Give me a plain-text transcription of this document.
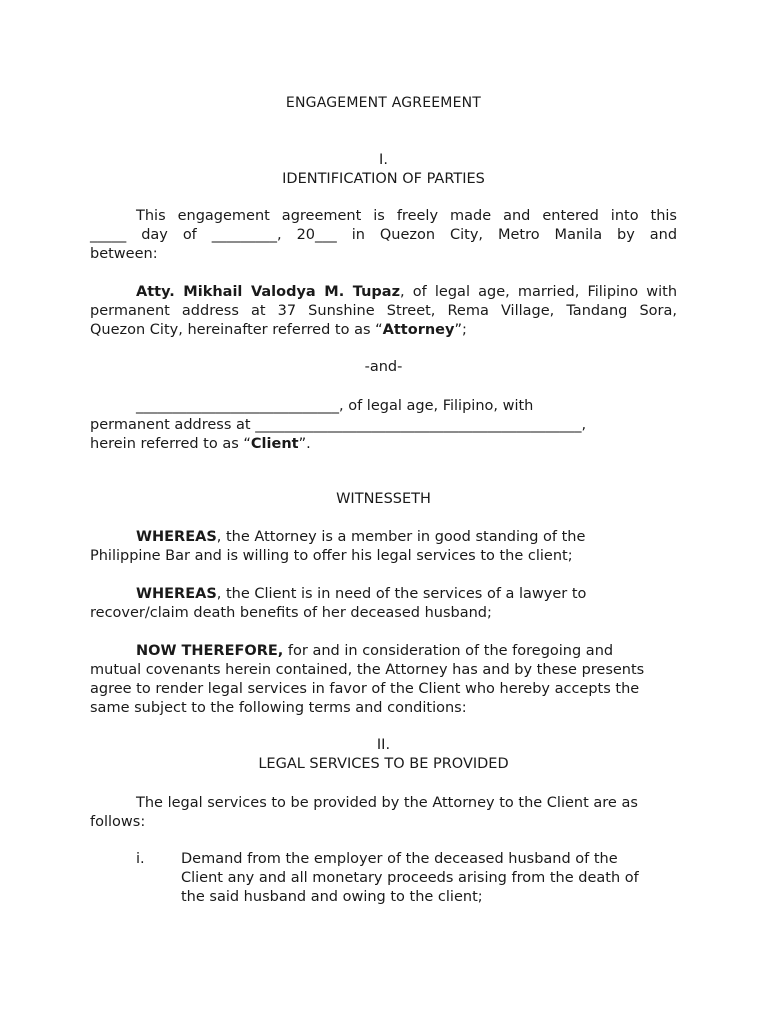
ENGAGEMENT AGREEMENT
I.
IDENTIFICATION OF PARTIES
This engagement agreement is freely made and entered into this
_____ day of _________, 20___ in Quezon City, Metro Manila by and
between:
Atty. Mikhail Valodya M. Tupaz, of legal age, married, Filipino with
permanent address at 37 Sunshine Street, Rema Village, Tandang Sora,
Quezon City, hereinafter referred to as “Attorney”;
-and-
____________________________, of legal age, Filipino, with
permanent address at _____________________________________________,
herein referred to as “Client”.
WITNESSETH
WHEREAS, the Attorney is a member in good standing of the
Philippine Bar and is willing to offer his legal services to the client;
WHEREAS, the Client is in need of the services of a lawyer to
recover/claim death benefits of her deceased husband;
NOW THEREFORE, for and in consideration of the foregoing and
mutual covenants herein contained, the Attorney has and by these presents
agree to render legal services in favor of the Client who hereby accepts the
same subject to the following terms and conditions:
II.
LEGAL SERVICES TO BE PROVIDED
The legal services to be provided by the Attorney to the Client are as
follows:
i.	Demand from the employer of the deceased husband of the
Client any and all monetary proceeds arising from the death of
the said husband and owing to the client;
